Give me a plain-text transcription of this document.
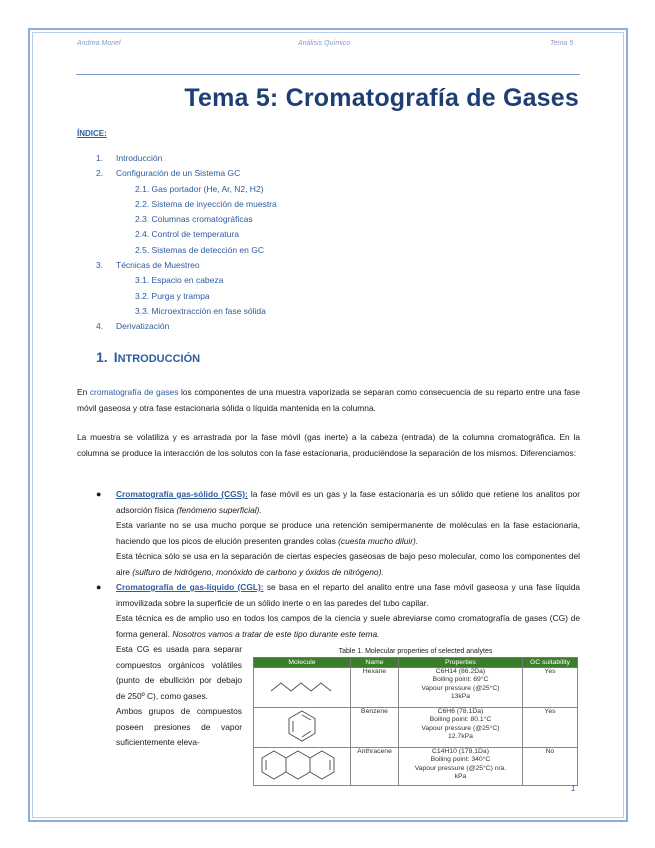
Andrea Moriel	Análisis Químico	Tema 5
Tema 5: Cromatografía de Gases
ÍNDICE:
1. Introducción
2. Configuración de un Sistema GC
2.1. Gas portador (He, Ar, N2, H2)
2.2. Sistema de inyección de muestra
2.3. Columnas cromatográficas
2.4. Control de temperatura
2.5. Sistemas de detección en GC
3. Técnicas de Muestreo
3.1. Espacio en cabeza
3.2. Purga y trampa
3.3. Microextracción en fase sólida
4. Derivatización
1. INTRODUCCIÓN

En cromatografía de gases los componentes de una muestra vaporizada se separan como consecuencia de su reparto entre una fase móvil gaseosa y otra fase estacionaria sólida o líquida mantenida en la columna.

La muestra se volatiliza y es arrastrada por la fase móvil (gas inerte) a la cabeza (entrada) de la columna cromatográfica. En la columna se produce la interacción de los solutos con la fase estacionaria, produciéndose la separación de los mismos. Diferenciamos:

● Cromatografía gas-sólido (CGS): la fase móvil es un gas y la fase estacionaria es un sólido que retiene los analitos por adsorción física (fenómeno superficial).
Esta variante no se usa mucho porque se produce una retención semipermanente de moléculas en la fase estacionaria, haciendo que los picos de elución presenten grandes colas (cuesta mucho diluir).
Esta técnica sólo se usa en la separación de ciertas especies gaseosas de bajo peso molecular, como los componentes del aire (sulfuro de hidrógeno, monóxido de carbono y óxidos de nitrógeno).
● Cromatografía de gas-líquido (CGL): se basa en el reparto del analito entre una fase móvil gaseosa y una fase líquida inmovilizada sobre la superficie de un sólido inerte o en las paredes del tubo capilar.
Esta técnica es de amplio uso en todos los campos de la ciencia y suele abreviarse como cromatografía de gases (CG) de forma general. Nosotros vamos a tratar de este tipo durante este tema.

Esta CG es usada para separar compuestos orgánicos volátiles (punto de ebullición por debajo de 250º C), como gases.

Ambos grupos de compuestos poseen presiones de vapor suficientemente eleva-

Table 1. Molecular properties of selected analytes
Molecule	Name	Properties	GC suitability
	Hexane	C6H14 (86.2Da)
Boiling point: 69°C
Vapour pressure (@25°C)
13kPa	Yes
	Benzene	C6H6 (78.1Da)
Boiling point: 80.1°C
Vapour pressure (@25°C)
12.7kPa	Yes
	Anthracene	C14H10 (178.1Da)
Boiling point: 340°C
Vapour pressure (@25°C) n/a.
kPa	No
1
